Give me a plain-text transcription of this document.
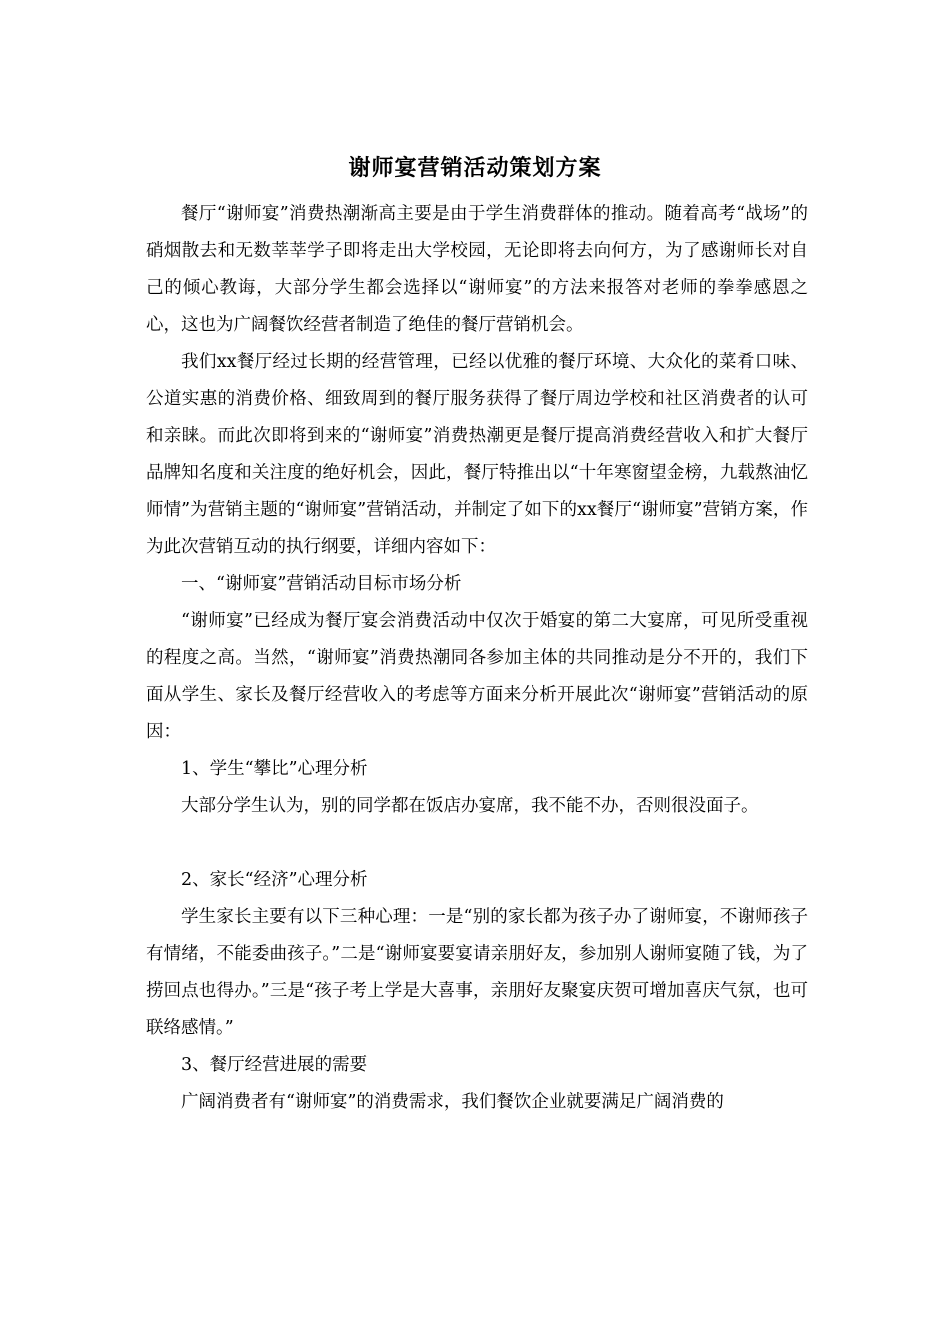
谢师宴营销活动策划方案

餐厅“谢师宴”消费热潮渐高主要是由于学生消费群体的推动。随着高考“战场”的硝烟散去和无数莘莘学子即将走出大学校园，无论即将去向何方，为了感谢师长对自己的倾心教诲，大部分学生都会选择以“谢师宴”的方法来报答对老师的拳拳感恩之心，这也为广阔餐饮经营者制造了绝佳的餐厅营销机会。

我们xx餐厅经过长期的经营管理，已经以优雅的餐厅环境、大众化的菜肴口味、公道实惠的消费价格、细致周到的餐厅服务获得了餐厅周边学校和社区消费者的认可和亲睐。而此次即将到来的“谢师宴”消费热潮更是餐厅提高消费经营收入和扩大餐厅品牌知名度和关注度的绝好机会，因此，餐厅特推出以“十年寒窗望金榜，九载熬油忆师情”为营销主题的“谢师宴”营销活动，并制定了如下的xx餐厅“谢师宴”营销方案，作为此次营销互动的执行纲要，详细内容如下：

一、“谢师宴”营销活动目标市场分析

“谢师宴”已经成为餐厅宴会消费活动中仅次于婚宴的第二大宴席，可见所受重视的程度之高。当然，“谢师宴”消费热潮同各参加主体的共同推动是分不开的，我们下面从学生、家长及餐厅经营收入的考虑等方面来分析开展此次“谢师宴”营销活动的原因：

1、学生“攀比”心理分析

大部分学生认为，别的同学都在饭店办宴席，我不能不办，否则很没面子。

2、家长“经济”心理分析

学生家长主要有以下三种心理：一是“别的家长都为孩子办了谢师宴，不谢师孩子有情绪，不能委曲孩子。”二是“谢师宴要宴请亲朋好友，参加别人谢师宴随了钱，为了捞回点也得办。”三是“孩子考上学是大喜事，亲朋好友聚宴庆贺可增加喜庆气氛，也可联络感情。”

3、餐厅经营进展的需要

广阔消费者有“谢师宴”的消费需求，我们餐饮企业就要满足广阔消费的
